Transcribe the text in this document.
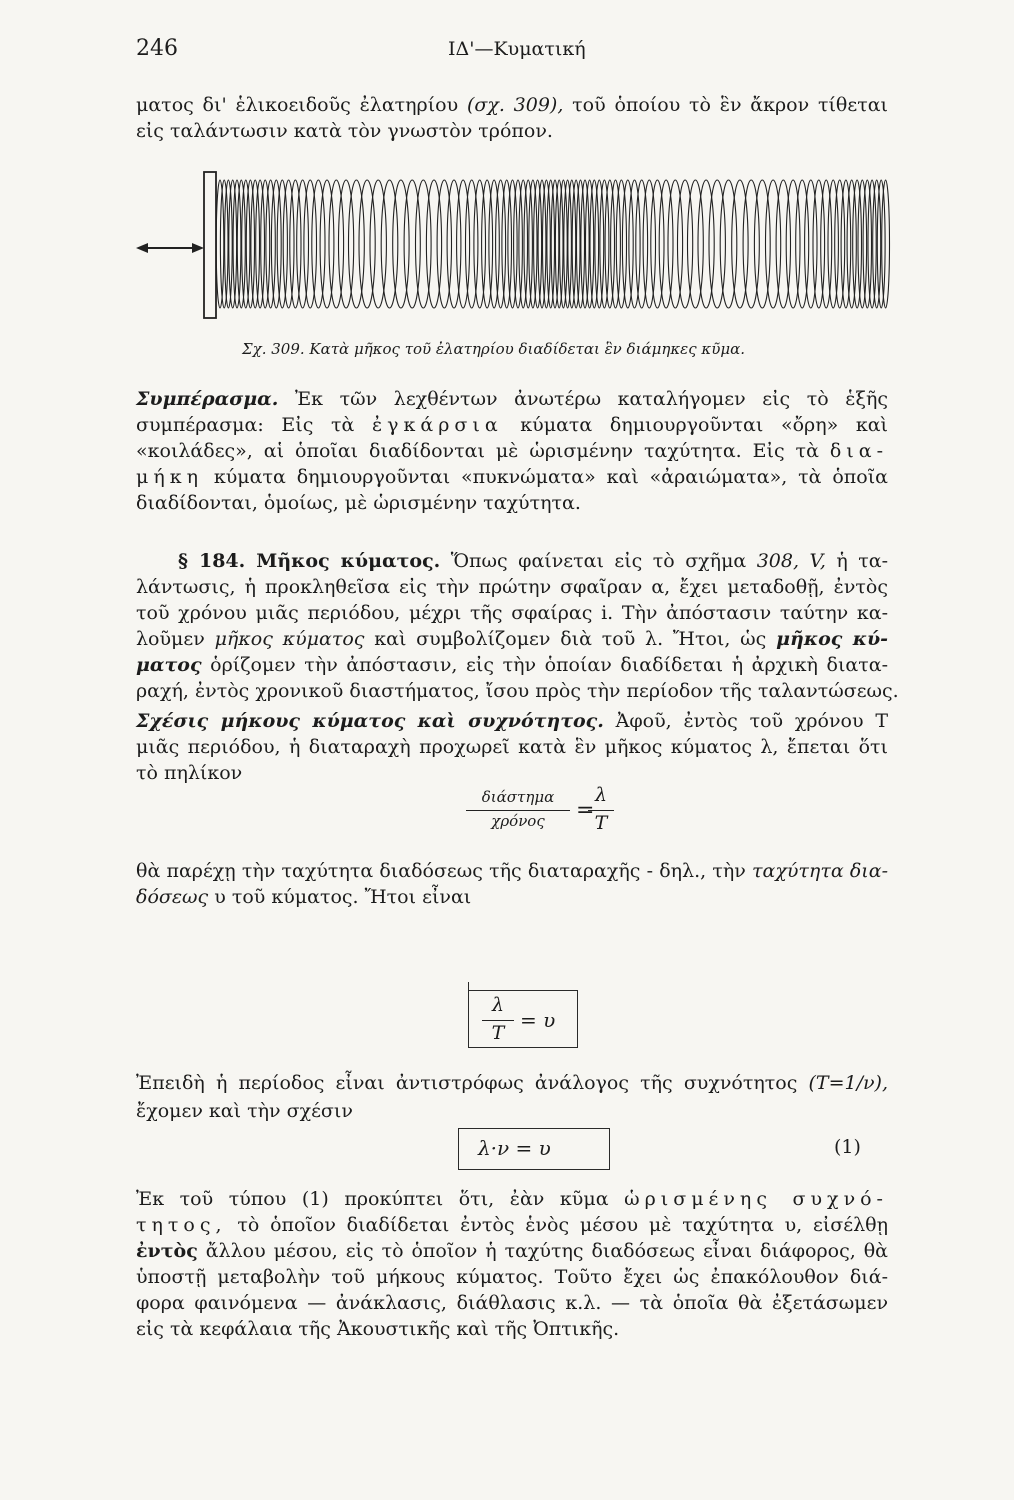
246	ΙΔ'—Κυματική
ματος δι' ἑλικοειδοῦς ἐλατηρίου (σχ. 309), τοῦ ὁποίου τὸ ἓν ἄκρον τίθεται
εἰς ταλάντωσιν κατὰ τὸν γνωστὸν τρόπον.
Σχ. 309. Κατὰ μῆκος τοῦ ἐλατηρίου διαδίδεται ἓν διάμηκες κῦμα.
Συμπέρασμα. Ἐκ τῶν λεχθέντων ἀνωτέρω καταλήγομεν εἰς τὸ ἑξῆς
συμπέρασμα: Εἰς τὰ ἐγκάρσια κύματα δημιουργοῦνται «ὄρη» καὶ
«κοιλάδες», αἱ ὁποῖαι διαδίδονται μὲ ὡρισμένην ταχύτητα. Εἰς τὰ δια-
μήκη κύματα δημιουργοῦνται «πυκνώματα» καὶ «ἀραιώματα», τὰ ὁποῖα
διαδίδονται, ὁμοίως, μὲ ὡρισμένην ταχύτητα.
§ 184. Μῆκος κύματος. Ὅπως φαίνεται εἰς τὸ σχῆμα 308, V, ἡ τα-
λάντωσις, ἡ προκληθεῖσα εἰς τὴν πρώτην σφαῖραν α, ἔχει μεταδοθῇ, ἐντὸς
τοῦ χρόνου μιᾶς περιόδου, μέχρι τῆς σφαίρας i. Τὴν ἀπόστασιν ταύτην κα-
λοῦμεν μῆκος κύματος καὶ συμβολίζομεν διὰ τοῦ λ. Ἤτοι, ὡς μῆκος κύ-
ματος ὁρίζομεν τὴν ἀπόστασιν, εἰς τὴν ὁποίαν διαδίδεται ἡ ἀρχικὴ διατα-
ραχή, ἐντὸς χρονικοῦ διαστήματος, ἴσου πρὸς τὴν περίοδον τῆς ταλαντώσεως.
Σχέσις μήκους κύματος καὶ συχνότητος. Ἀφοῦ, ἐντὸς τοῦ χρόνου T
μιᾶς περιόδου, ἡ διαταραχὴ προχωρεῖ κατὰ ἓν μῆκος κύματος λ, ἔπεται ὅτι
τὸ πηλίκον
διάστημα
χρόνος	=
λ
T
θὰ παρέχῃ τὴν ταχύτητα διαδόσεως τῆς διαταραχῆς - δηλ., τὴν ταχύτητα δια-
δόσεως υ τοῦ κύματος. Ἤτοι εἶναι
λ
T
= υ
Ἐπειδὴ ἡ περίοδος εἶναι ἀντιστρόφως ἀνάλογος τῆς συχνότητος (T=1/ν),
ἔχομεν καὶ τὴν σχέσιν
λ·ν = υ	(1)
Ἐκ τοῦ τύπου (1) προκύπτει ὅτι, ἐὰν κῦμα ὡρισμένης συχνό-
τητος, τὸ ὁποῖον διαδίδεται ἐντὸς ἑνὸς μέσου μὲ ταχύτητα υ, εἰσέλθῃ
ἐντὸς ἄλλου μέσου, εἰς τὸ ὁποῖον ἡ ταχύτης διαδόσεως εἶναι διάφορος, θὰ
ὑποστῇ μεταβολὴν τοῦ μήκους κύματος. Τοῦτο ἔχει ὡς ἐπακόλουθον διά-
φορα φαινόμενα — ἀνάκλασις, διάθλασις κ.λ. — τὰ ὁποῖα θὰ ἐξετάσωμεν
εἰς τὰ κεφάλαια τῆς Ἀκουστικῆς καὶ τῆς Ὀπτικῆς.
